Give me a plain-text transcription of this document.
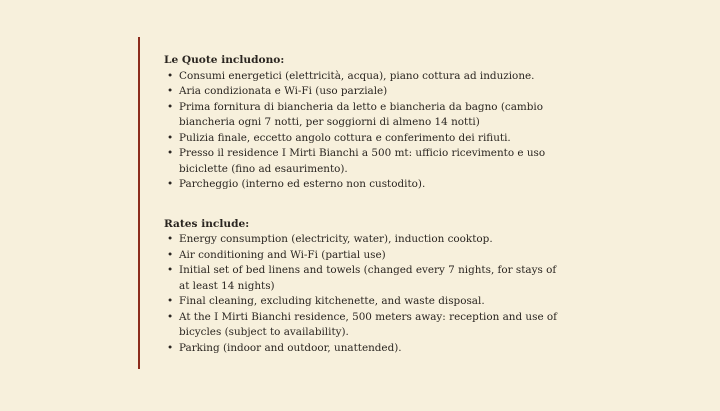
Le Quote includono:

• Consumi energetici (elettricità, acqua), piano cottura ad induzione.
• Aria condizionata e Wi-Fi (uso parziale)
• Prima fornitura di biancheria da letto e biancheria da bagno (cambio biancheria ogni 7 notti, per soggiorni di almeno 14 notti)
• Pulizia finale, eccetto angolo cottura e conferimento dei rifiuti.
• Presso il residence I Mirti Bianchi a 500 mt: ufficio ricevimento e uso biciclette (fino ad esaurimento).
• Parcheggio (interno ed esterno non custodito).

Rates include:

• Energy consumption (electricity, water), induction cooktop.
• Air conditioning and Wi-Fi (partial use)
• Initial set of bed linens and towels (changed every 7 nights, for stays of at least 14 nights)
• Final cleaning, excluding kitchenette, and waste disposal.
• At the I Mirti Bianchi residence, 500 meters away: reception and use of bicycles (subject to availability).
• Parking (indoor and outdoor, unattended).
